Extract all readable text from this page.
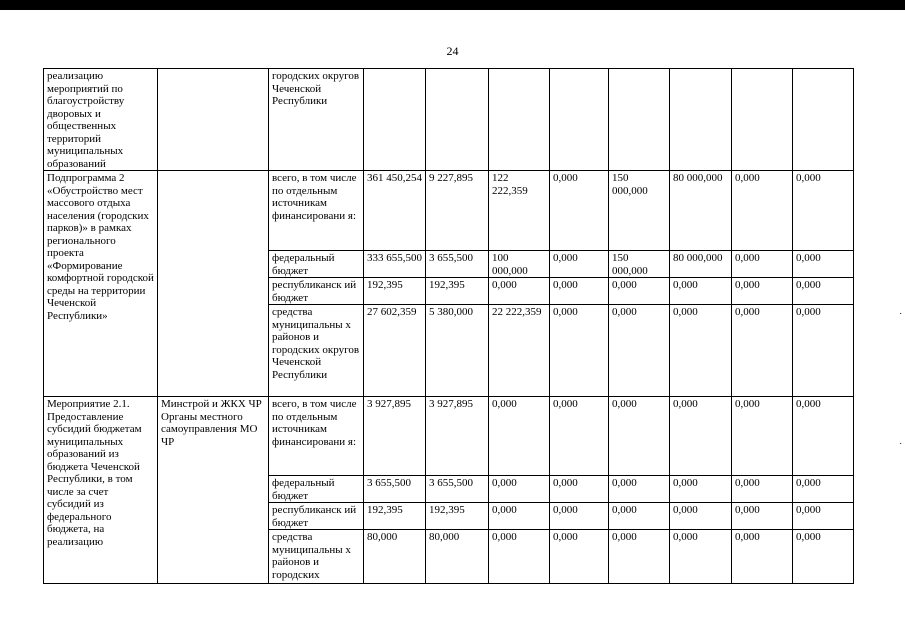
24
реализацию мероприятий по благоустройству дворовых и общественных территорий муниципальных образований		городских округов Чеченской Республики								
Подпрограмма 2 «Обустройство мест массового отдыха населения (городских парков)» в рамках регионального проекта «Формирование комфортной городской среды на территории Чеченской Республики»		всего, в том числе по отдельным источникам финансировани я:	361 450,254	9 227,895	122 222,359	0,000	150 000,000	80 000,000	0,000	0,000
		федеральный бюджет	333 655,500	3 655,500	100 000,000	0,000	150 000,000	80 000,000	0,000	0,000
		республиканск ий бюджет	192,395	192,395	0,000	0,000	0,000	0,000	0,000	0,000
		средства муниципальны х районов и городских округов Чеченской Республики	27 602,359	5 380,000	22 222,359	0,000	0,000	0,000	0,000	0,000
Мероприятие 2.1. Предоставление субсидий бюджетам муниципальных образований из бюджета Чеченской Республики, в том числе за счет субсидий из федерального бюджета, на реализацию	Минстрой и ЖКХ ЧР Органы местного самоуправления МО ЧР	всего, в том числе по отдельным источникам финансировани я:	3 927,895	3 927,895	0,000	0,000	0,000	0,000	0,000	0,000
		федеральный бюджет	3 655,500	3 655,500	0,000	0,000	0,000	0,000	0,000	0,000
		республиканск ий бюджет	192,395	192,395	0,000	0,000	0,000	0,000	0,000	0,000
		средства муниципальны х районов и городских	80,000	80,000	0,000	0,000	0,000	0,000	0,000	0,000
˙
˙
